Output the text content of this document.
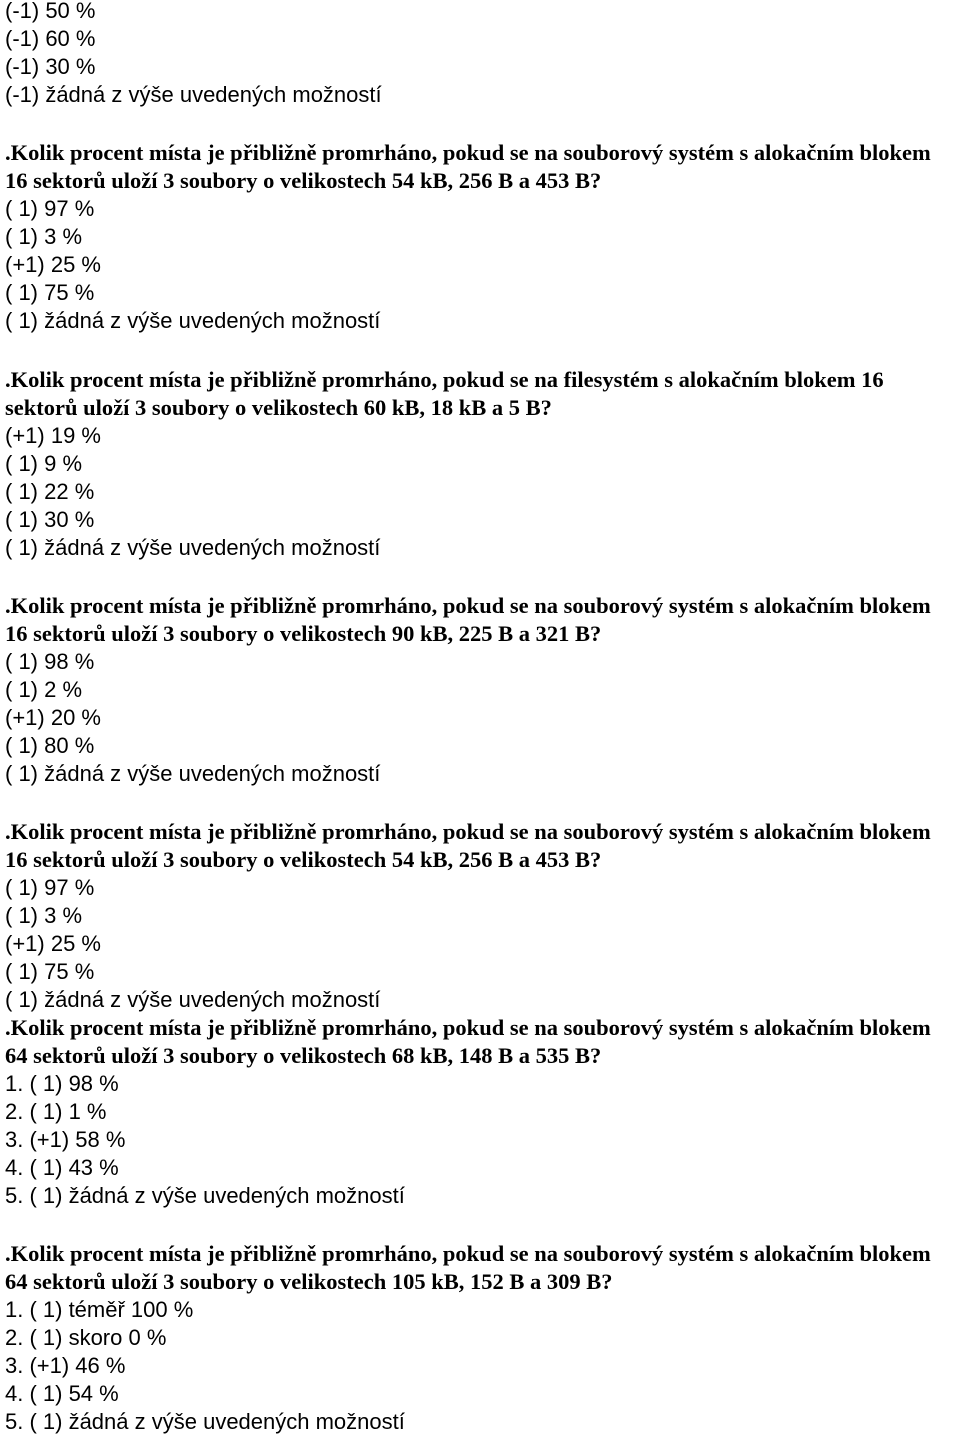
(-1) 50 %

(-1) 60 %

(-1) 30 %

(-1) žádná z výše uvedených možností

.Kolik procent místa je přibližně promrháno, pokud se na souborový systém s alokačním blokem 16 sektorů uloží 3 soubory o velikostech 54 kB, 256 B a 453 B?

( 1) 97 %

( 1) 3 %

(+1) 25 %

( 1) 75 %

( 1) žádná z výše uvedených možností

.Kolik procent místa je přibližně promrháno, pokud se na filesystém s alokačním blokem 16 sektorů uloží 3 soubory o velikostech 60 kB, 18 kB a 5 B?

(+1) 19 %

( 1) 9 %

( 1) 22 %

( 1) 30 %

( 1) žádná z výše uvedených možností

.Kolik procent místa je přibližně promrháno, pokud se na souborový systém s alokačním blokem 16 sektorů uloží 3 soubory o velikostech 90 kB, 225 B a 321 B?

( 1) 98 %

( 1) 2 %

(+1) 20 %

( 1) 80 %

( 1) žádná z výše uvedených možností

.Kolik procent místa je přibližně promrháno, pokud se na souborový systém s alokačním blokem 16 sektorů uloží 3 soubory o velikostech 54 kB, 256 B a 453 B?

( 1) 97 %

( 1) 3 %

(+1) 25 %

( 1) 75 %

( 1) žádná z výše uvedených možností

.Kolik procent místa je přibližně promrháno, pokud se na souborový systém s alokačním blokem 64 sektorů uloží 3 soubory o velikostech 68 kB, 148 B a 535 B?

1. ( 1) 98 %

2. ( 1) 1 %

3. (+1) 58 %

4. ( 1) 43 %

5. ( 1) žádná z výše uvedených možností

.Kolik procent místa je přibližně promrháno, pokud se na souborový systém s alokačním blokem 64 sektorů uloží 3 soubory o velikostech 105 kB, 152 B a 309 B?

1. ( 1) téměř 100 %

2. ( 1) skoro 0 %

3. (+1) 46 %

4. ( 1) 54 %

5. ( 1) žádná z výše uvedených možností
